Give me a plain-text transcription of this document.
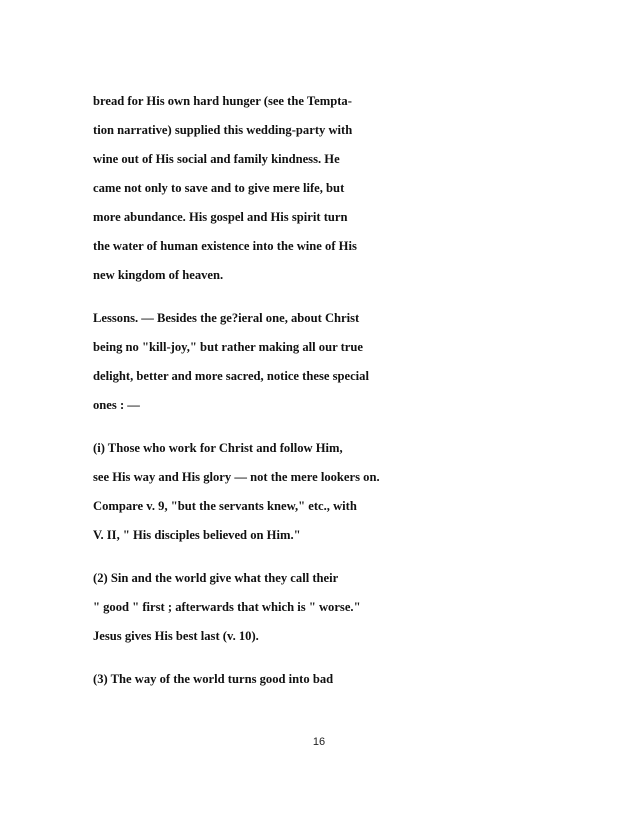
bread for His own hard hunger (see the Tempta-
tion narrative) supplied this wedding-party with
wine out of His social and family kindness. He
came not only to save and to give mere life, but
more abundance. His gospel and His spirit turn
the water of human existence into the wine of His
new kingdom of heaven.
Lessons. — Besides the ge?ieral one, about Christ
being no "kill-joy," but rather making all our true
delight, better and more sacred, notice these special
ones : —
(i) Those who work for Christ and follow Him,
see His way and His glory — not the mere lookers on.
Compare v. 9, "but the servants knew," etc., with
V. II, " His disciples believed on Him."
(2) Sin and the world give what they call their
" good " first ; afterwards that which is " worse."
Jesus gives His best last (v. 10).
(3) The way of the world turns good into bad
16
